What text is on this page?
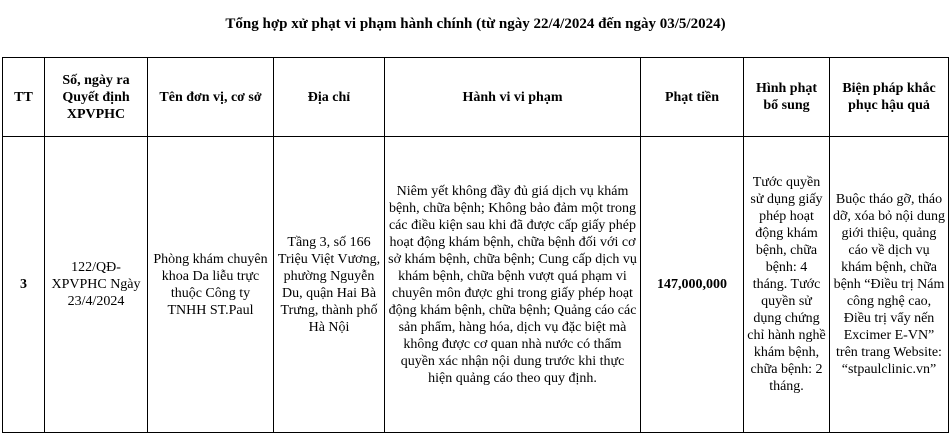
Tổng hợp xử phạt vi phạm hành chính (từ ngày 22/4/2024 đến ngày 03/5/2024)
TT	Số, ngày ra Quyết định XPVPHC	Tên đơn vị, cơ sở	Địa chỉ	Hành vi vi phạm	Phạt tiền	Hình phạt bổ sung	Biện pháp khắc phục hậu quả
3	122/QĐ-XPVPHC Ngày 23/4/2024	Phòng khám chuyên khoa Da liễu trực thuộc Công ty TNHH ST.Paul	Tầng 3, số 166 Triệu Việt Vương, phường Nguyễn Du, quận Hai Bà Trưng, thành phố Hà Nội	Niêm yết không đầy đủ giá dịch vụ khám bệnh, chữa bệnh; Không bảo đảm một trong các điều kiện sau khi đã được cấp giấy phép hoạt động khám bệnh, chữa bệnh đối với cơ sở khám bệnh, chữa bệnh; Cung cấp dịch vụ khám bệnh, chữa bệnh vượt quá phạm vi chuyên môn được ghi trong giấy phép hoạt động khám bệnh, chữa bệnh; Quảng cáo các sản phẩm, hàng hóa, dịch vụ đặc biệt mà không được cơ quan nhà nước có thẩm quyền xác nhận nội dung trước khi thực hiện quảng cáo theo quy định.	147,000,000	Tước quyền sử dụng giấy phép hoạt động khám bệnh, chữa bệnh: 4 tháng. Tước quyền sử dụng chứng chỉ hành nghề khám bệnh, chữa bệnh: 2 tháng.	Buộc tháo gỡ, tháo dỡ, xóa bỏ nội dung giới thiệu, quảng cáo về dịch vụ khám bệnh, chữa bệnh “Điều trị Nám công nghệ cao, Điều trị vẩy nến Excimer E-VN” trên trang Website: “stpaulclinic.vn”
